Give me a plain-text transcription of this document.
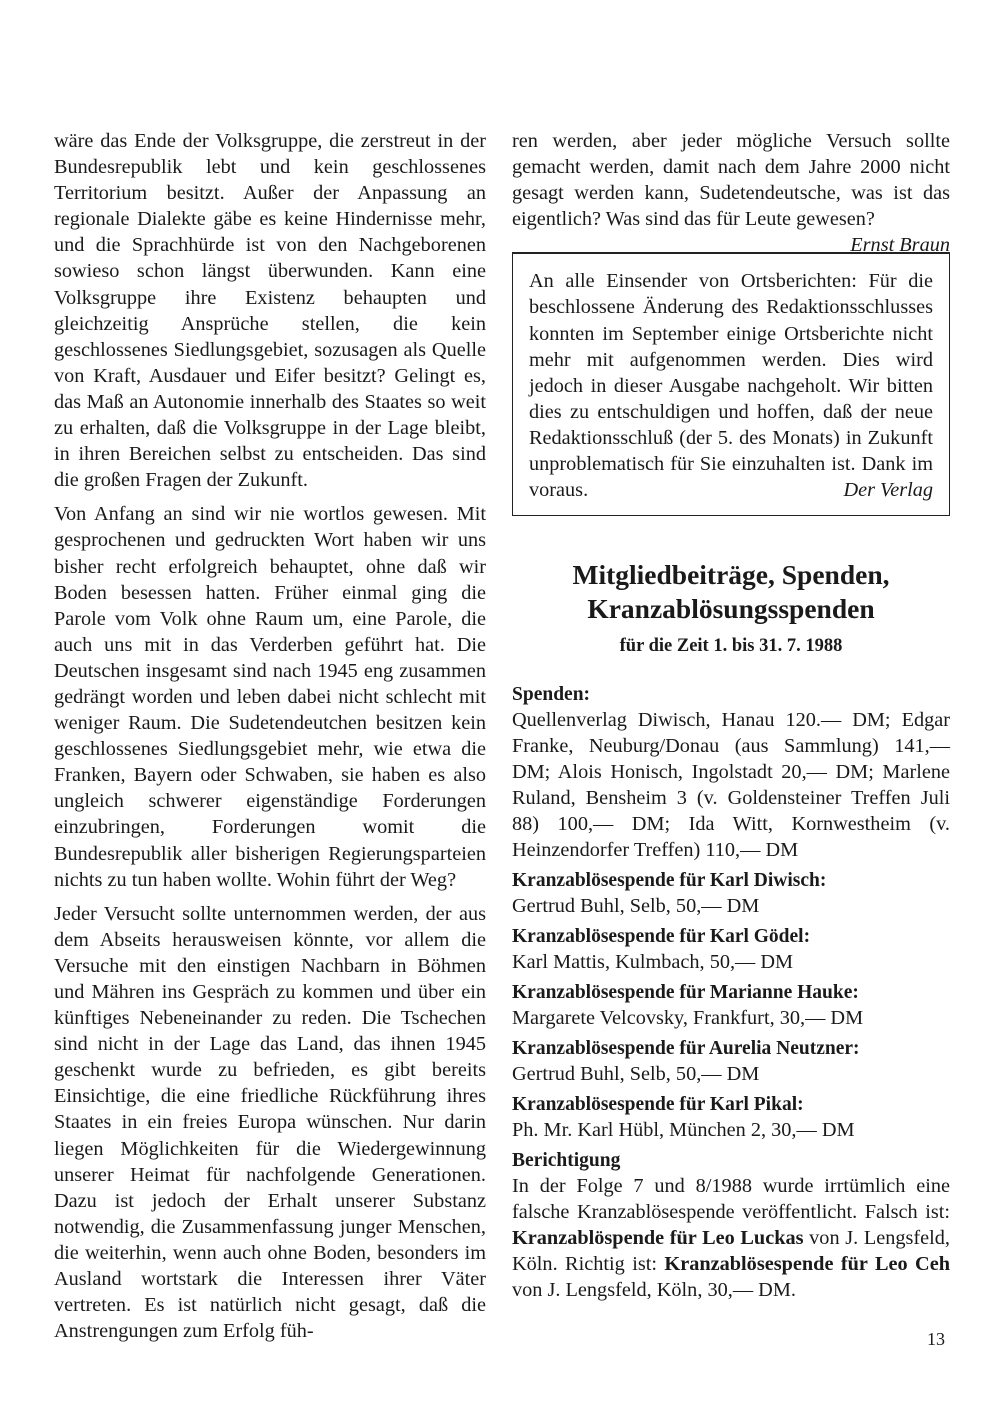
wäre das Ende der Volksgruppe, die zerstreut in der Bundesrepublik lebt und kein geschlossenes Territorium besitzt. Außer der Anpassung an regionale Dialekte gäbe es keine Hindernisse mehr, und die Sprachhürde ist von den Nachgeborenen sowieso schon längst überwunden. Kann eine Volksgruppe ihre Existenz behaupten und gleichzeitig Ansprüche stellen, die kein geschlossenes Siedlungsgebiet, sozusagen als Quelle von Kraft, Ausdauer und Eifer besitzt? Gelingt es, das Maß an Autonomie innerhalb des Staates so weit zu erhalten, daß die Volksgruppe in der Lage bleibt, in ihren Bereichen selbst zu entscheiden. Das sind die großen Fragen der Zukunft.

Von Anfang an sind wir nie wortlos gewesen. Mit gesprochenen und gedruckten Wort haben wir uns bisher recht erfolgreich behauptet, ohne daß wir Boden besessen hatten. Früher einmal ging die Parole vom Volk ohne Raum um, eine Parole, die auch uns mit in das Verderben geführt hat. Die Deutschen insgesamt sind nach 1945 eng zusammen gedrängt worden und leben dabei nicht schlecht mit weniger Raum. Die Sudetendeutchen besitzen kein geschlossenes Siedlungsgebiet mehr, wie etwa die Franken, Bayern oder Schwaben, sie haben es also ungleich schwerer eigenständige Forderungen einzubringen, Forderungen womit die Bundesrepublik aller bisherigen Regierungsparteien nichts zu tun haben wollte. Wohin führt der Weg?

Jeder Versucht sollte unternommen werden, der aus dem Abseits herausweisen könnte, vor allem die Versuche mit den einstigen Nachbarn in Böhmen und Mähren ins Gespräch zu kommen und über ein künftiges Nebeneinander zu reden. Die Tschechen sind nicht in der Lage das Land, das ihnen 1945 geschenkt wurde zu befrieden, es gibt bereits Einsichtige, die eine friedliche Rückführung ihres Staates in ein freies Europa wünschen. Nur darin liegen Möglichkeiten für die Wiedergewinnung unserer Heimat für nachfolgende Generationen. Dazu ist jedoch der Erhalt unserer Substanz notwendig, die Zusammenfassung junger Menschen, die weiterhin, wenn auch ohne Boden, besonders im Ausland wortstark die Interessen ihrer Väter vertreten. Es ist natürlich nicht gesagt, daß die Anstrengungen zum Erfolg füh-

ren werden, aber jeder mögliche Versuch sollte gemacht werden, damit nach dem Jahre 2000 nicht gesagt werden kann, Sudetendeutsche, was ist das eigentlich? Was sind das für Leute gewesen?
Ernst Braun

An alle Einsender von Ortsberichten: Für die beschlossene Änderung des Redaktionsschlusses konnten im September einige Ortsberichte nicht mehr mit aufgenommen werden. Dies wird jedoch in dieser Ausgabe nachgeholt. Wir bitten dies zu entschuldigen und hoffen, daß der neue Redaktionsschluß (der 5. des Monats) in Zukunft unproblematisch für Sie einzuhalten ist. Dank im voraus.	Der Verlag

Mitgliedbeiträge, Spenden,
Kranzablösungsspenden
für die Zeit 1. bis 31. 7. 1988
Spenden:
Quellenverlag Diwisch, Hanau 120.— DM; Edgar Franke, Neuburg/Donau (aus Sammlung) 141,— DM; Alois Honisch, Ingolstadt 20,— DM; Marlene Ruland, Bensheim 3 (v. Goldensteiner Treffen Juli 88) 100,— DM; Ida Witt, Kornwestheim (v. Heinzendorfer Treffen) 110,— DM
Kranzablösespende für Karl Diwisch:
Gertrud Buhl, Selb, 50,— DM
Kranzablösespende für Karl Gödel:
Karl Mattis, Kulmbach, 50,— DM
Kranzablösespende für Marianne Hauke:
Margarete Velcovsky, Frankfurt, 30,— DM
Kranzablösespende für Aurelia Neutzner:
Gertrud Buhl, Selb, 50,— DM
Kranzablösespende für Karl Pikal:
Ph. Mr. Karl Hübl, München 2, 30,— DM
Berichtigung
In der Folge 7 und 8/1988 wurde irrtümlich eine falsche Kranzablösespende veröffentlicht. Falsch ist: Kranzablöspende für Leo Luckas von J. Lengsfeld, Köln. Richtig ist: Kranzablösespende für Leo Ceh von J. Lengsfeld, Köln, 30,— DM.
13
